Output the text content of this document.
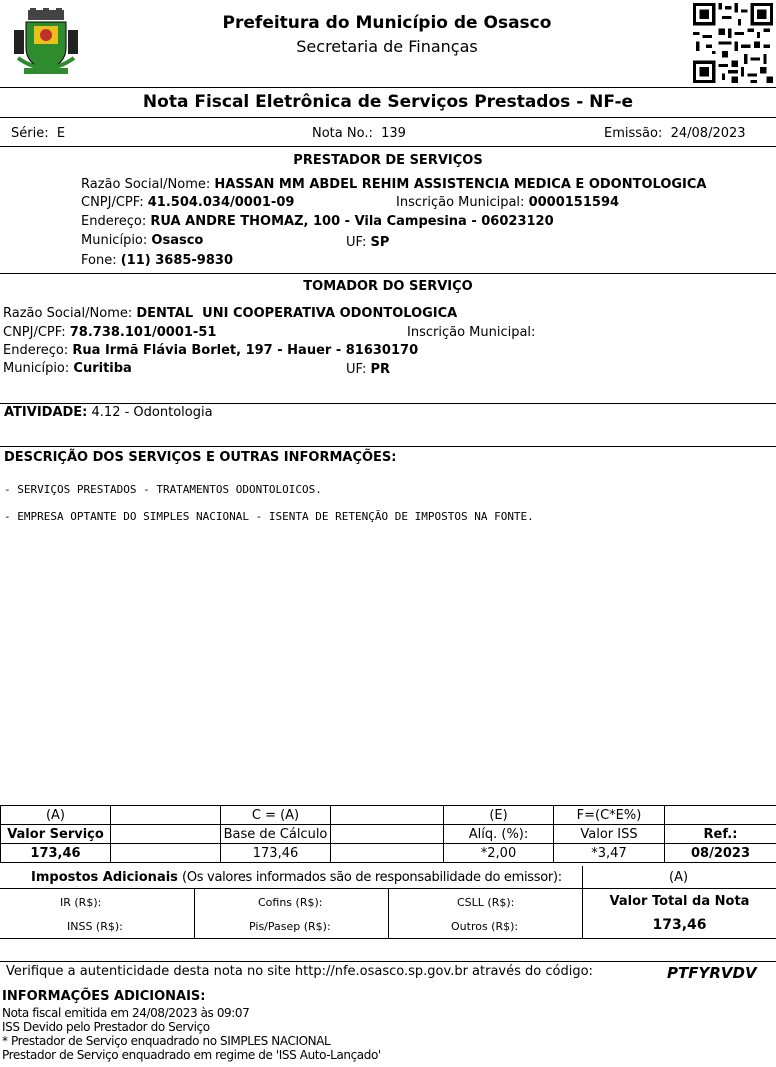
Prefeitura do Município de Osasco
Secretaria de Finanças
Nota Fiscal Eletrônica de Serviços Prestados - NF-e
Série: E	Nota No.: 139	Emissão: 24/08/2023
PRESTADOR DE SERVIÇOS
Razão Social/Nome: HASSAN MM ABDEL REHIM ASSISTENCIA MEDICA E ODONTOLOGICA
CNPJ/CPF: 41.504.034/0001-09	Inscrição Municipal: 0000151594
Endereço: RUA ANDRE THOMAZ, 100 - Vila Campesina - 06023120
Município: Osasco	UF: SP
Fone: (11) 3685-9830
TOMADOR DO SERVIÇO
Razão Social/Nome: DENTAL  UNI COOPERATIVA ODONTOLOGICA
CNPJ/CPF: 78.738.101/0001-51	Inscrição Municipal:
Endereço: Rua Irmã Flávia Borlet, 197 - Hauer - 81630170
Município: Curitiba	UF: PR
ATIVIDADE: 4.12 - Odontologia
DESCRIÇÃO DOS SERVIÇOS E OUTRAS INFORMAÇÕES:
- SERVIÇOS PRESTADOS - TRATAMENTOS ODONTOLOICOS.
- EMPRESA OPTANTE DO SIMPLES NACIONAL - ISENTA DE RETENÇÃO DE IMPOSTOS NA FONTE.
(A)		C = (A)		(E)	F=(C*E%)	
Valor Serviço		Base de Cálculo		Alíq. (%):	Valor ISS	Ref.:
173,46		173,46		*2,00	*3,47	08/2023
Impostos Adicionais (Os valores informados são de responsabilidade do emissor):	(A)
IR (R$):	Cofins (R$):	CSLL (R$):
INSS (R$):	Pis/Pasep (R$):	Outros (R$):
Valor Total da Nota
173,46
Verifique a autenticidade desta nota no site http://nfe.osasco.sp.gov.br através do código:	PTFYRVDV
INFORMAÇÕES ADICIONAIS:
Nota fiscal emitida em 24/08/2023 às 09:07
ISS Devido pelo Prestador do Serviço
* Prestador de Serviço enquadrado no SIMPLES NACIONAL
Prestador de Serviço enquadrado em regime de 'ISS Auto-Lançado'
